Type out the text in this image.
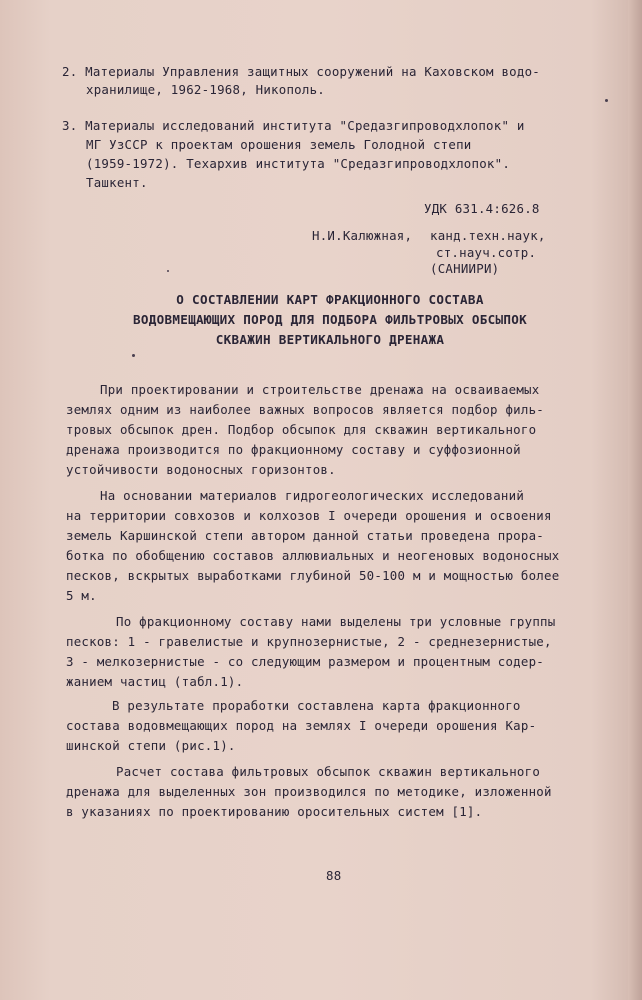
2. Материалы Управления защитных сооружений на Каховском водо-
хранилище, 1962-1968, Никополь.
3. Материалы исследований института "Средазгипроводхлопок" и
МГ УзССР к проектам орошения земель Голодной степи
(1959-1972). Техархив института "Средазгипроводхлопок".
Ташкент.
УДК 631.4:626.8
Н.И.Калюжная, канд.техн.наук,
ст.науч.сотр.
(САНИИРИ)
О СОСТАВЛЕНИИ КАРТ ФРАКЦИОННОГО СОСТАВА
ВОДОВМЕЩАЮЩИХ ПОРОД ДЛЯ ПОДБОРА ФИЛЬТРОВЫХ ОБСЫПОК
СКВАЖИН ВЕРТИКАЛЬНОГО ДРЕНАЖА
При проектировании и строительстве дренажа на осваиваемых
землях одним из наиболее важных вопросов является подбор филь-
тровых обсыпок дрен. Подбор обсыпок для скважин вертикального
дренажа производится по фракционному составу и суффозионной
устойчивости водоносных горизонтов.
На основании материалов гидрогеологических исследований
на территории совхозов и колхозов I очереди орошения и освоения
земель Каршинской степи автором данной статьи проведена прора-
ботка по обобщению составов аллювиальных и неогеновых водоносных
песков, вскрытых выработками глубиной 50-100 м и мощностью более
5 м.
По фракционному составу нами выделены три условные группы
песков: 1 - гравелистые и крупнозернистые, 2 - среднезернистые,
3 - мелкозернистые - со следующим размером и процентным содер-
жанием частиц (табл.1).
В результате проработки составлена карта фракционного
состава водовмещающих пород на землях I очереди орошения Кар-
шинской степи (рис.1).
Расчет состава фильтровых обсыпок скважин вертикального
дренажа для выделенных зон производился по методике, изложенной
в указаниях по проектированию оросительных систем [1].
88
